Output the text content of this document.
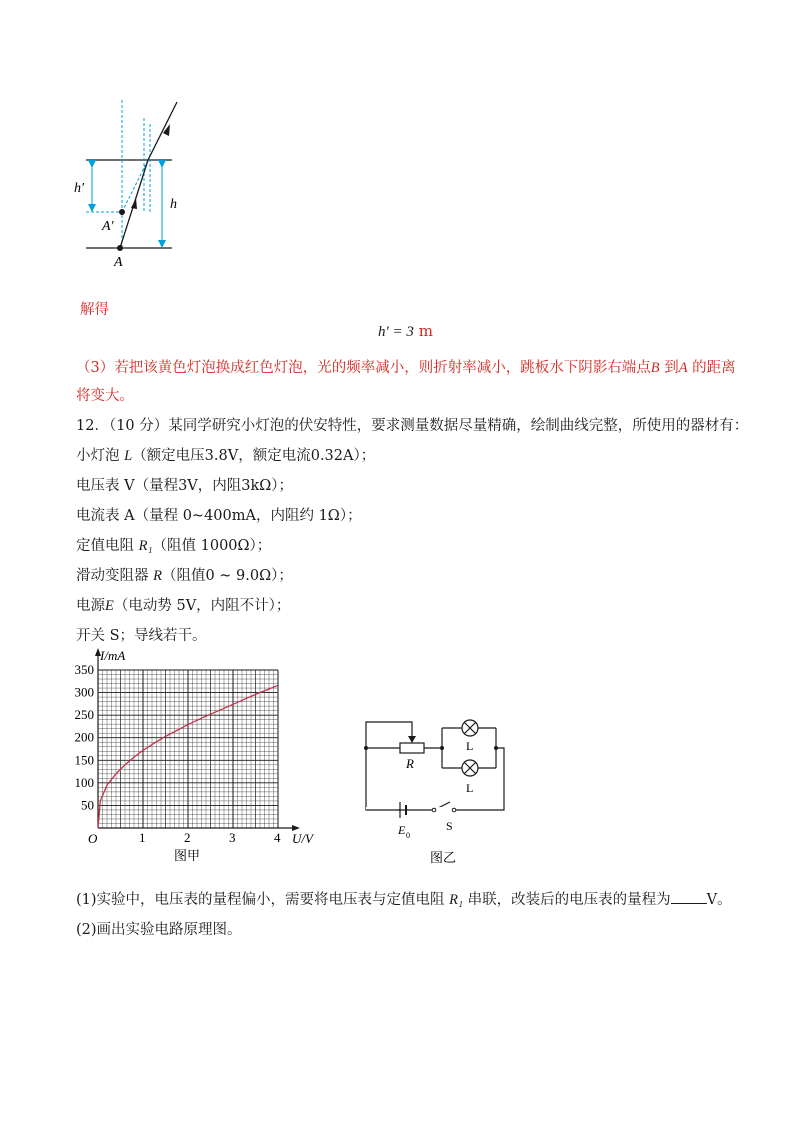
h′
h
A′
A
解得
h′ = 3 m
（3）若把该黄色灯泡换成红色灯泡，光的频率减小，则折射率减小，跳板水下阴影右端点B 到A 的距离
将变大。
12．（10 分）某同学研究小灯泡的伏安特性，要求测量数据尽量精确，绘制曲线完整，所使用的器材有：
小灯泡 L（额定电压3.8V，额定电流0.32A）；
电压表 V（量程3V，内阻3kΩ）；
电流表 A（量程 0~400mA，内阻约 1Ω）；
定值电阻 R₁（阻值 1000Ω）；
滑动变阻器 R（阻值0 ~ 9.0Ω）；
电源E（电动势 5V，内阻不计）；
开关 S；导线若干。
1	2	3	4
50
100
150
200
250
300
350
I/mA
U/V
O
图甲
R
L
L
E 0
S
图乙
(1)实验中，电压表的量程偏小，需要将电压表与定值电阻 R₁ 串联，改装后的电压表的量程为 V。
(2)画出实验电路原理图。
